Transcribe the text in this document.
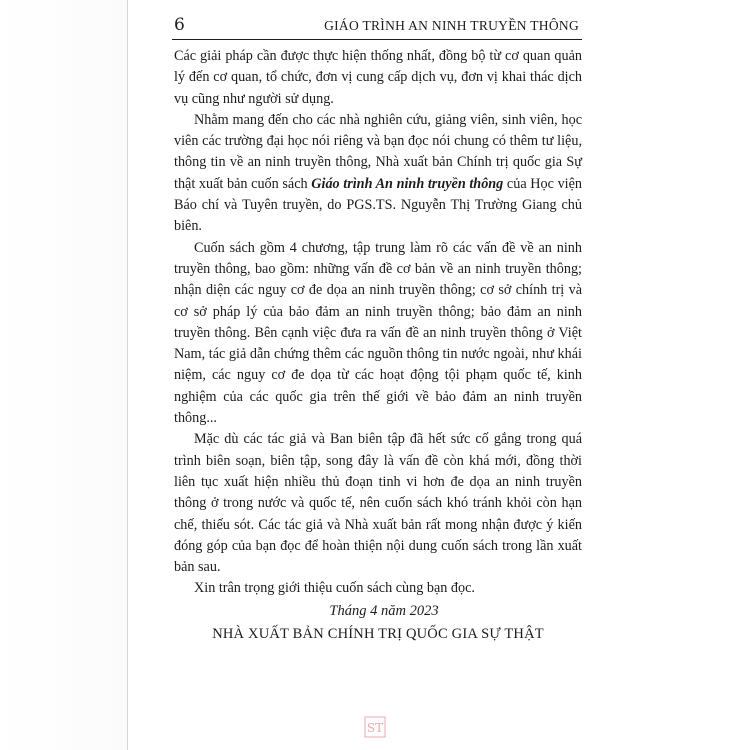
6	GIÁO TRÌNH AN NINH TRUYỀN THÔNG

Các giải pháp cần được thực hiện thống nhất, đồng bộ từ cơ quan quản lý đến cơ quan, tổ chức, đơn vị cung cấp dịch vụ, đơn vị khai thác dịch vụ cũng như người sử dụng.

Nhằm mang đến cho các nhà nghiên cứu, giảng viên, sinh viên, học viên các trường đại học nói riêng và bạn đọc nói chung có thêm tư liệu, thông tin về an ninh truyền thông, Nhà xuất bản Chính trị quốc gia Sự thật xuất bản cuốn sách Giáo trình An ninh truyền thông của Học viện Báo chí và Tuyên truyền, do PGS.TS. Nguyễn Thị Trường Giang chủ biên.

Cuốn sách gồm 4 chương, tập trung làm rõ các vấn đề về an ninh truyền thông, bao gồm: những vấn đề cơ bản về an ninh truyền thông; nhận diện các nguy cơ đe dọa an ninh truyền thông; cơ sở chính trị và cơ sở pháp lý của bảo đảm an ninh truyền thông; bảo đảm an ninh truyền thông. Bên cạnh việc đưa ra vấn đề an ninh truyền thông ở Việt Nam, tác giả dẫn chứng thêm các nguồn thông tin nước ngoài, như khái niệm, các nguy cơ đe dọa từ các hoạt động tội phạm quốc tế, kinh nghiệm của các quốc gia trên thế giới về bảo đảm an ninh truyền thông...

Mặc dù các tác giả và Ban biên tập đã hết sức cố gắng trong quá trình biên soạn, biên tập, song đây là vấn đề còn khá mới, đồng thời liên tục xuất hiện nhiều thủ đoạn tinh vi hơn đe dọa an ninh truyền thông ở trong nước và quốc tế, nên cuốn sách khó tránh khỏi còn hạn chế, thiếu sót. Các tác giả và Nhà xuất bản rất mong nhận được ý kiến đóng góp của bạn đọc để hoàn thiện nội dung cuốn sách trong lần xuất bản sau.

Xin trân trọng giới thiệu cuốn sách cùng bạn đọc.

Tháng 4 năm 2023
NHÀ XUẤT BẢN CHÍNH TRỊ QUỐC GIA SỰ THẬT
ST
